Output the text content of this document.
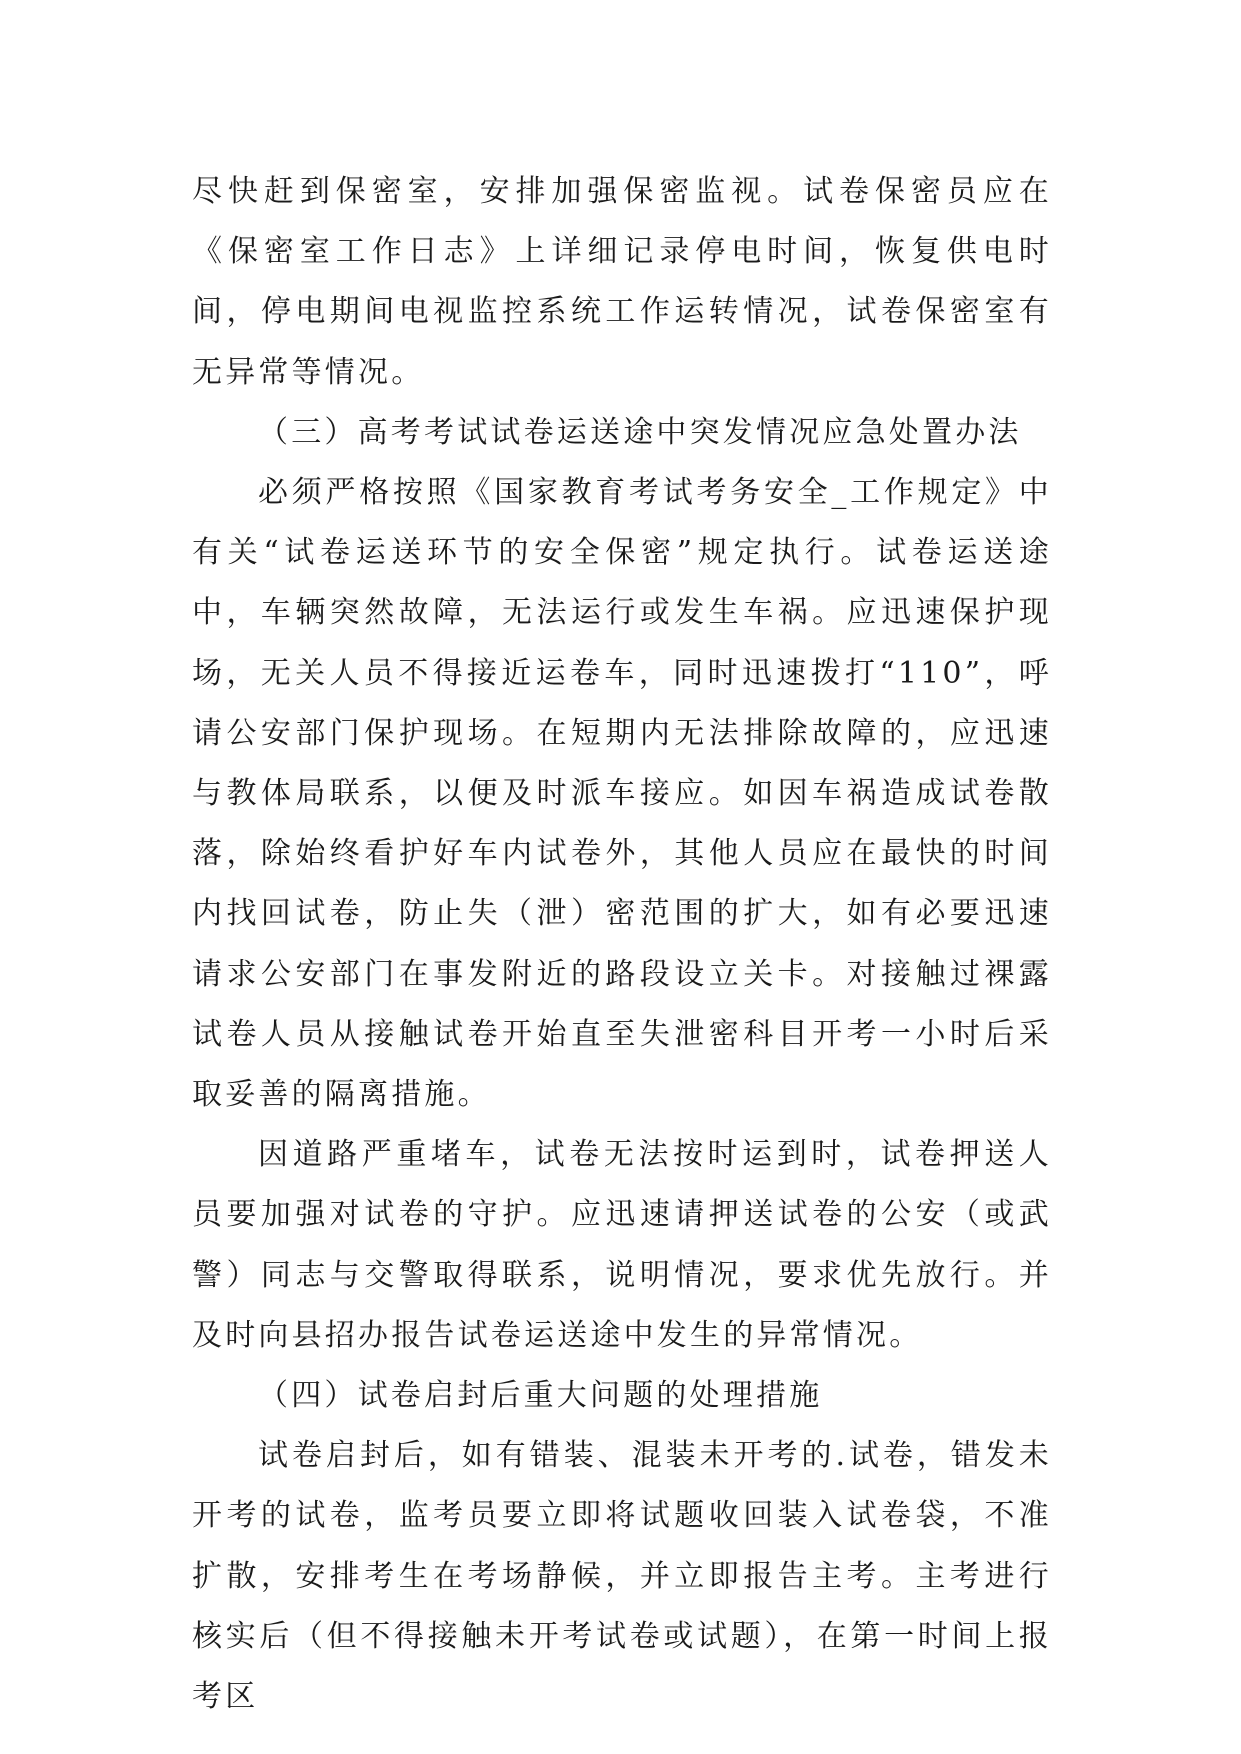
尽快赶到保密室，安排加强保密监视。试卷保密员应在《保密室工作日志》上详细记录停电时间，恢复供电时间，停电期间电视监控系统工作运转情况，试卷保密室有无异常等情况。

（三）高考考试试卷运送途中突发情况应急处置办法

必须严格按照《国家教育考试考务安全_工作规定》中有关“试卷运送环节的安全保密”规定执行。试卷运送途中，车辆突然故障，无法运行或发生车祸。应迅速保护现场，无关人员不得接近运卷车，同时迅速拨打“110”，呼请公安部门保护现场。在短期内无法排除故障的，应迅速与教体局联系，以便及时派车接应。如因车祸造成试卷散落，除始终看护好车内试卷外，其他人员应在最快的时间内找回试卷，防止失（泄）密范围的扩大，如有必要迅速请求公安部门在事发附近的路段设立关卡。对接触过裸露试卷人员从接触试卷开始直至失泄密科目开考一小时后采取妥善的隔离措施。

因道路严重堵车，试卷无法按时运到时，试卷押送人员要加强对试卷的守护。应迅速请押送试卷的公安（或武警）同志与交警取得联系，说明情况，要求优先放行。并及时向县招办报告试卷运送途中发生的异常情况。

（四）试卷启封后重大问题的处理措施

试卷启封后，如有错装、混装未开考的.试卷，错发未开考的试卷，监考员要立即将试题收回装入试卷袋，不准扩散，安排考生在考场静候，并立即报告主考。主考进行核实后（但不得接触未开考试卷或试题），在第一时间上报考区
